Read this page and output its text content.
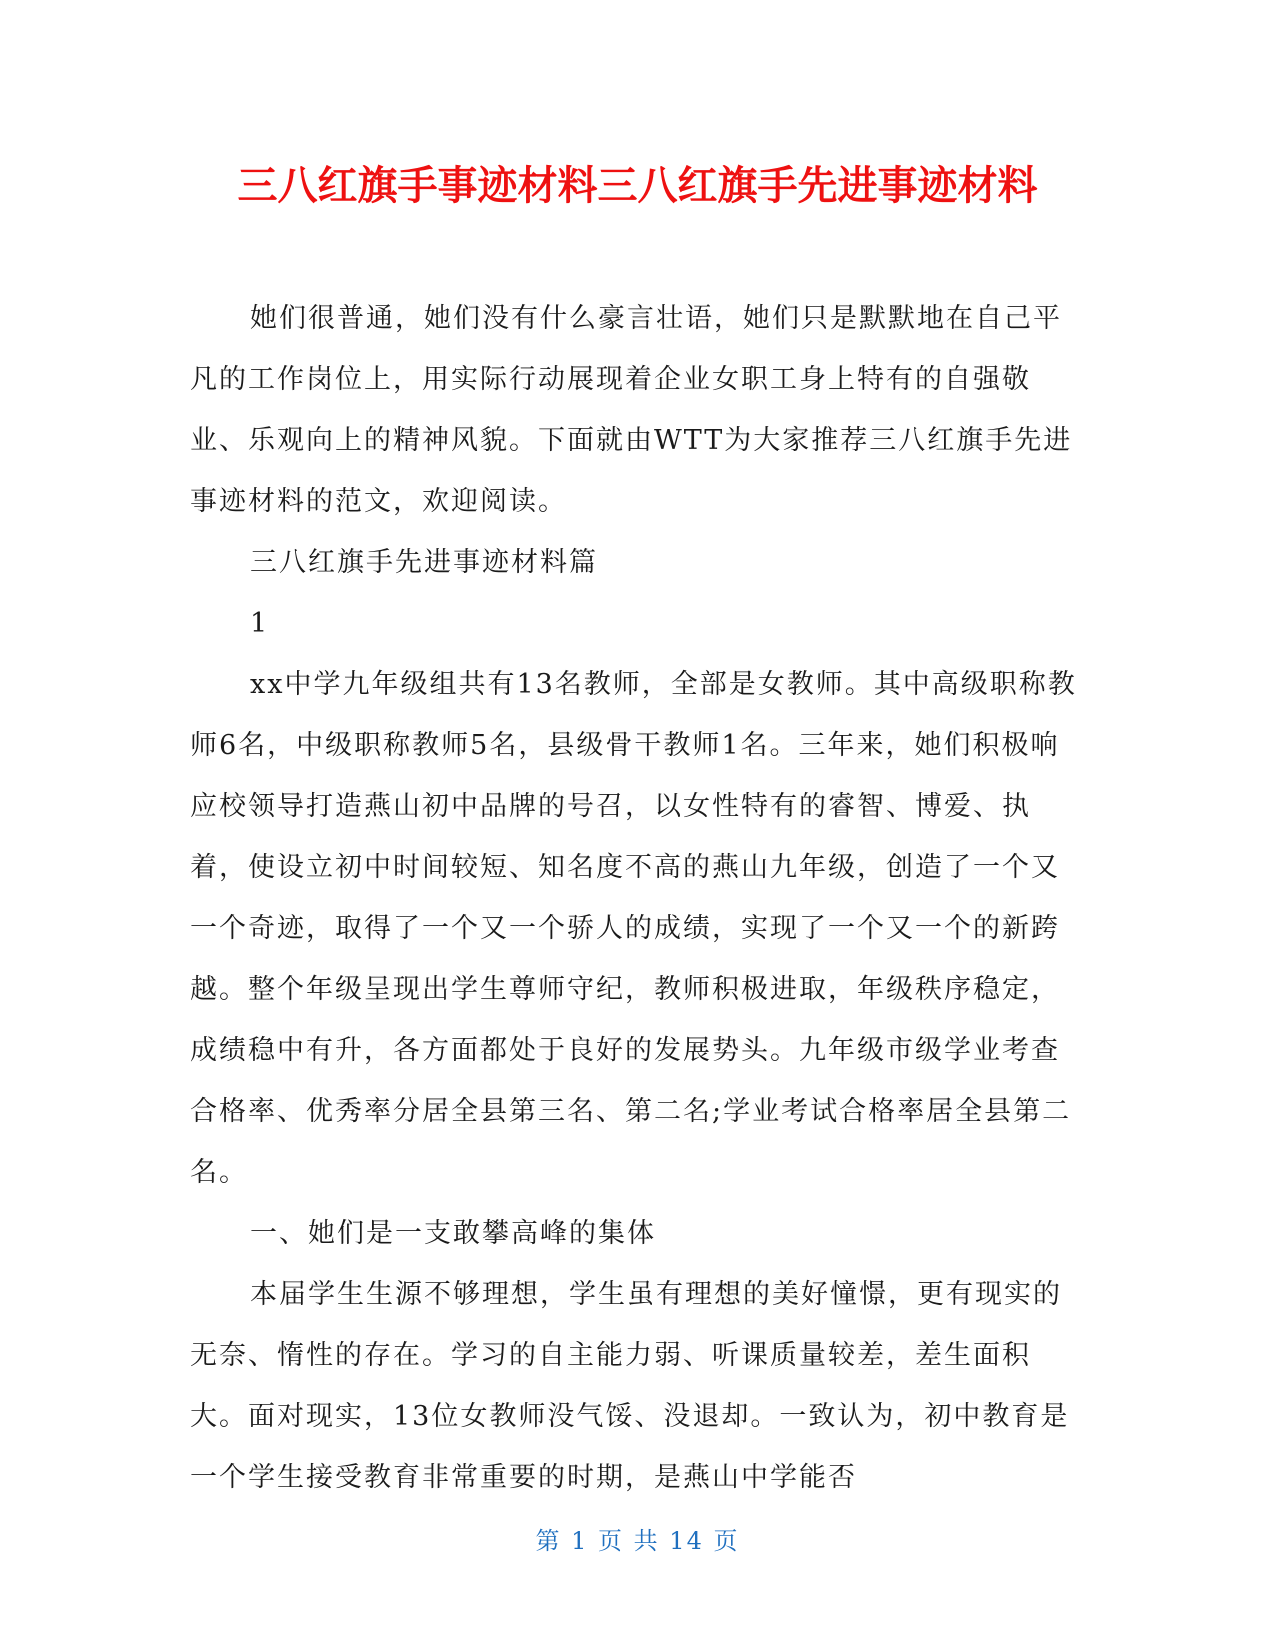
三八红旗手事迹材料三八红旗手先进事迹材料

她们很普通，她们没有什么豪言壮语，她们只是默默地在自己平凡的工作岗位上，用实际行动展现着企业女职工身上特有的自强敬业、乐观向上的精神风貌。下面就由WTT为大家推荐三八红旗手先进事迹材料的范文，欢迎阅读。

三八红旗手先进事迹材料篇

1

xx中学九年级组共有13名教师，全部是女教师。其中高级职称教师6名，中级职称教师5名，县级骨干教师1名。三年来，她们积极响应校领导打造燕山初中品牌的号召，以女性特有的睿智、博爱、执着，使设立初中时间较短、知名度不高的燕山九年级，创造了一个又一个奇迹，取得了一个又一个骄人的成绩，实现了一个又一个的新跨越。整个年级呈现出学生尊师守纪，教师积极进取，年级秩序稳定，成绩稳中有升，各方面都处于良好的发展势头。九年级市级学业考查合格率、优秀率分居全县第三名、第二名;学业考试合格率居全县第二名。

一、她们是一支敢攀高峰的集体

本届学生生源不够理想，学生虽有理想的美好憧憬，更有现实的无奈、惰性的存在。学习的自主能力弱、听课质量较差，差生面积大。面对现实，13位女教师没气馁、没退却。一致认为，初中教育是一个学生接受教育非常重要的时期，是燕山中学能否

第 1 页 共 14 页
